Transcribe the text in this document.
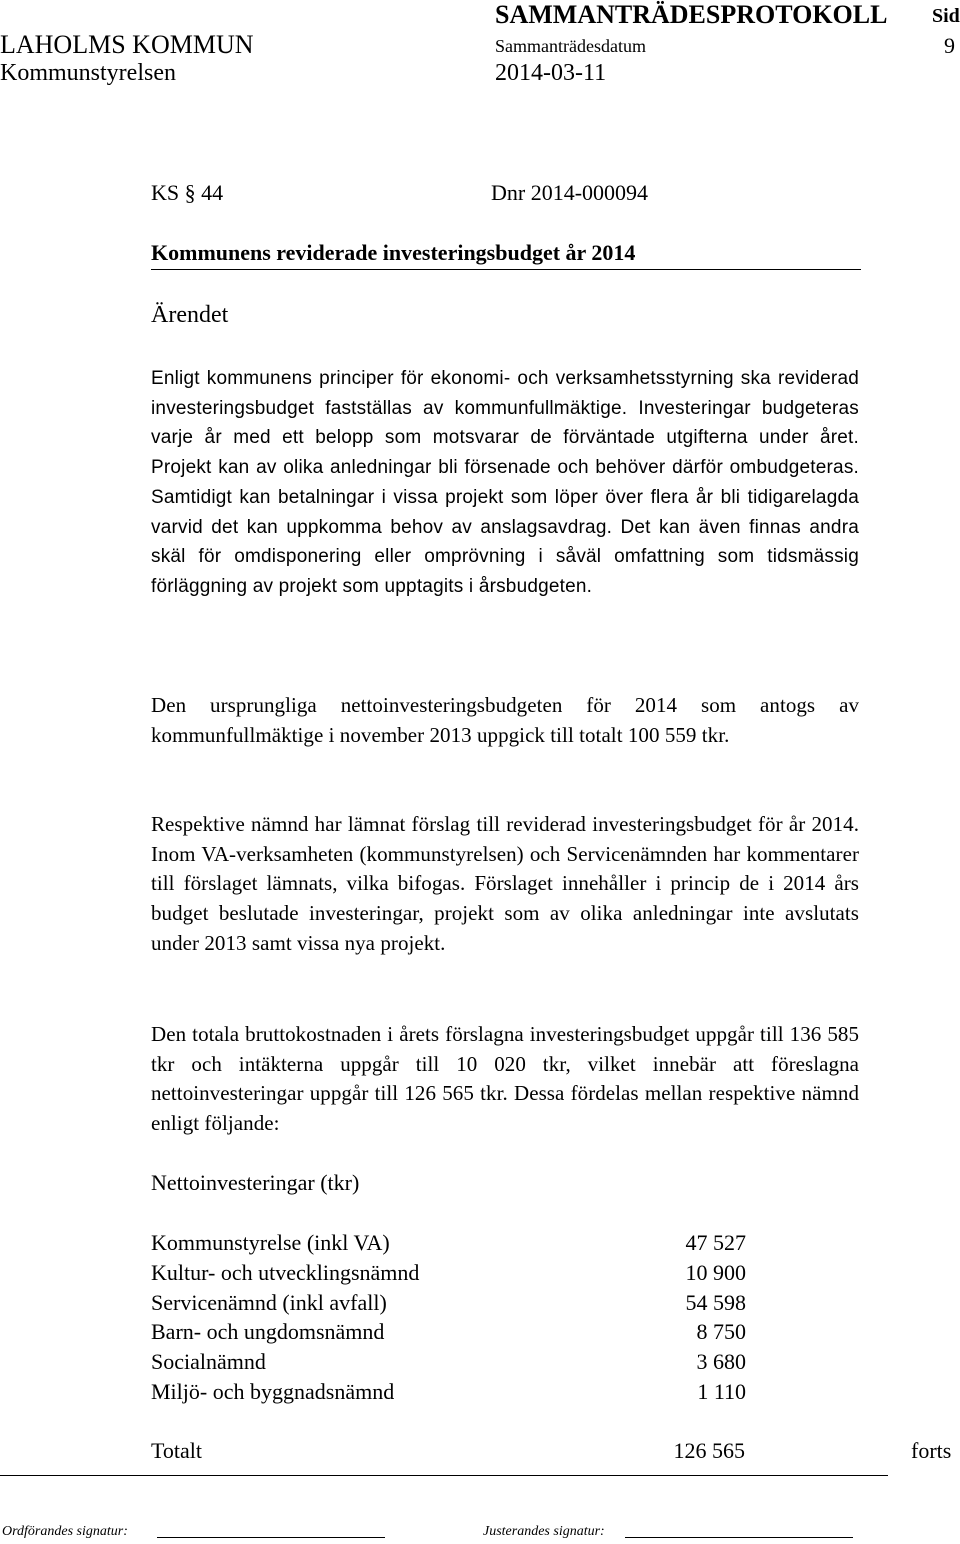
SAMMANTRÄDESPROTOKOLL Sid
LAHOLMS KOMMUN	Sammanträdesdatum	9
Kommunstyrelsen	2014-03-11
KS § 44	Dnr 2014-000094
Kommunens reviderade investeringsbudget år 2014
Ärendet
Enligt kommunens principer för ekonomi- och verksamhetsstyrning ska reviderad investeringsbudget fastställas av kommunfullmäktige. Investeringar budgeteras varje år med ett belopp som motsvarar de förväntade utgifterna under året. Projekt kan av olika anledningar bli försenade och behöver därför ombudgeteras. Samtidigt kan betalningar i vissa projekt som löper över flera år bli tidigarelagda varvid det kan uppkomma behov av anslagsavdrag. Det kan även finnas andra skäl för omdisponering eller omprövning i såväl omfattning som tidsmässig förläggning av projekt som upptagits i årsbudgeten.
Den ursprungliga nettoinvesteringsbudgeten för 2014 som antogs av kommunfullmäktige i november 2013 uppgick till totalt 100 559 tkr.
Respektive nämnd har lämnat förslag till reviderad investeringsbudget för år 2014. Inom VA-verksamheten (kommunstyrelsen) och Servicenämnden har kommentarer till förslaget lämnats, vilka bifogas. Förslaget innehåller i princip de i 2014 års budget beslutade investeringar, projekt som av olika anledningar inte avslutats under 2013 samt vissa nya projekt.
Den totala bruttokostnaden i årets förslagna investeringsbudget uppgår till 136 585 tkr och intäkterna uppgår till 10 020 tkr, vilket innebär att föreslagna nettoinvesteringar uppgår till 126 565 tkr. Dessa fördelas mellan respektive nämnd enligt följande:
Nettoinvesteringar (tkr)
Kommunstyrelse (inkl VA)	47 527
Kultur- och utvecklingsnämnd	10 900
Servicenämnd (inkl avfall)	54 598
Barn- och ungdomsnämnd	8 750
Socialnämnd	3 680
Miljö- och byggnadsnämnd	1 110
Totalt	126 565	forts
Ordförandes signatur:	Justerandes signatur:
